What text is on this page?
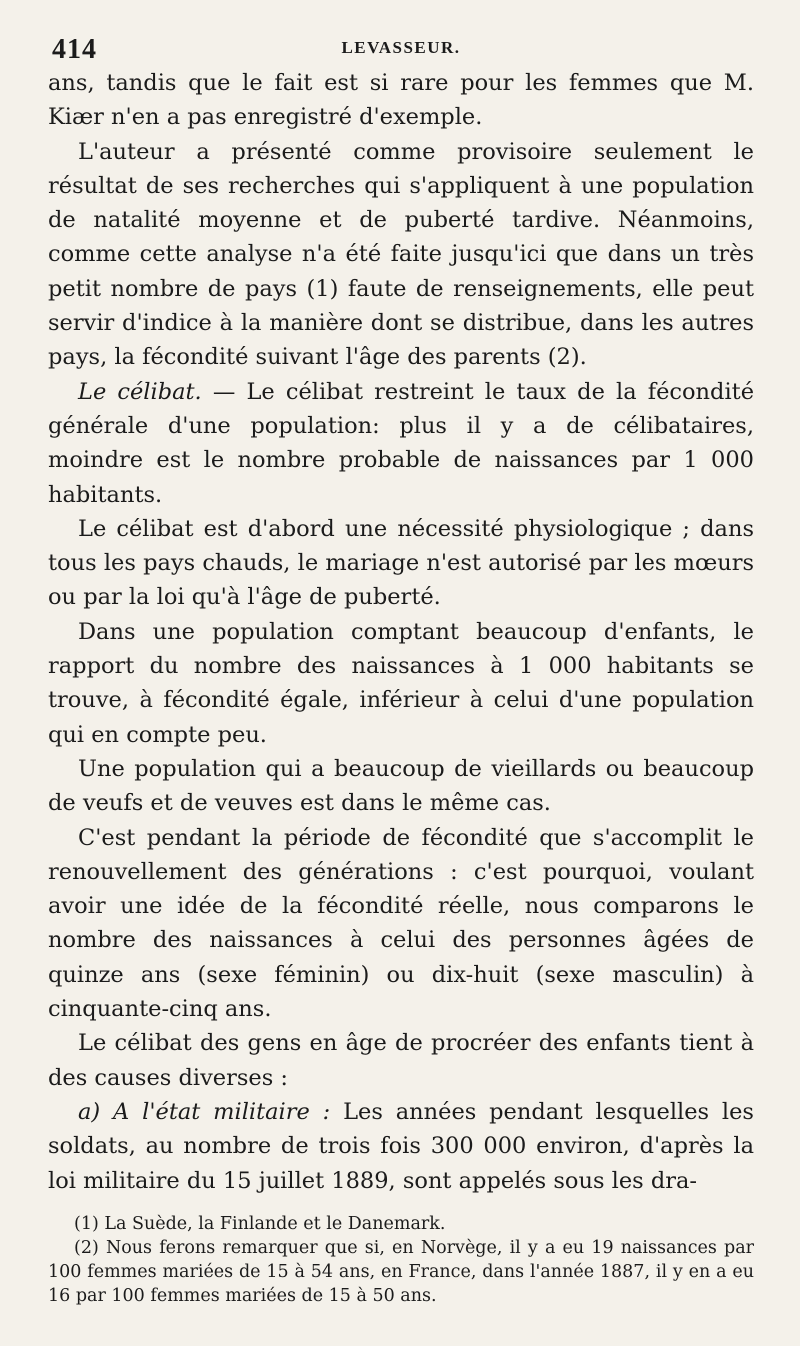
414	LEVASSEUR.

ans, tandis que le fait est si rare pour les femmes que M. Kiær n'en a pas enregistré d'exemple.

L'auteur a présenté comme provisoire seulement le résultat de ses recherches qui s'appliquent à une population de natalité moyenne et de puberté tardive. Néanmoins, comme cette analyse n'a été faite jusqu'ici que dans un très petit nombre de pays (1) faute de renseignements, elle peut servir d'indice à la manière dont se distribue, dans les autres pays, la fécondité suivant l'âge des parents (2).

Le célibat. — Le célibat restreint le taux de la fécondité générale d'une population: plus il y a de célibataires, moindre est le nombre probable de naissances par 1 000 habitants.

Le célibat est d'abord une nécessité physiologique ; dans tous les pays chauds, le mariage n'est autorisé par les mœurs ou par la loi qu'à l'âge de puberté.

Dans une population comptant beaucoup d'enfants, le rapport du nombre des naissances à 1 000 habitants se trouve, à fécondité égale, inférieur à celui d'une population qui en compte peu.

Une population qui a beaucoup de vieillards ou beaucoup de veufs et de veuves est dans le même cas.

C'est pendant la période de fécondité que s'accomplit le renouvellement des générations : c'est pourquoi, voulant avoir une idée de la fécondité réelle, nous comparons le nombre des naissances à celui des personnes âgées de quinze ans (sexe féminin) ou dix-huit (sexe masculin) à cinquante-cinq ans.

Le célibat des gens en âge de procréer des enfants tient à des causes diverses :

a) A l'état militaire : Les années pendant lesquelles les soldats, au nombre de trois fois 300 000 environ, d'après la loi militaire du 15 juillet 1889, sont appelés sous les dra-

(1) La Suède, la Finlande et le Danemark.

(2) Nous ferons remarquer que si, en Norvège, il y a eu 19 naissances par 100 femmes mariées de 15 à 54 ans, en France, dans l'année 1887, il y en a eu 16 par 100 femmes mariées de 15 à 50 ans.
